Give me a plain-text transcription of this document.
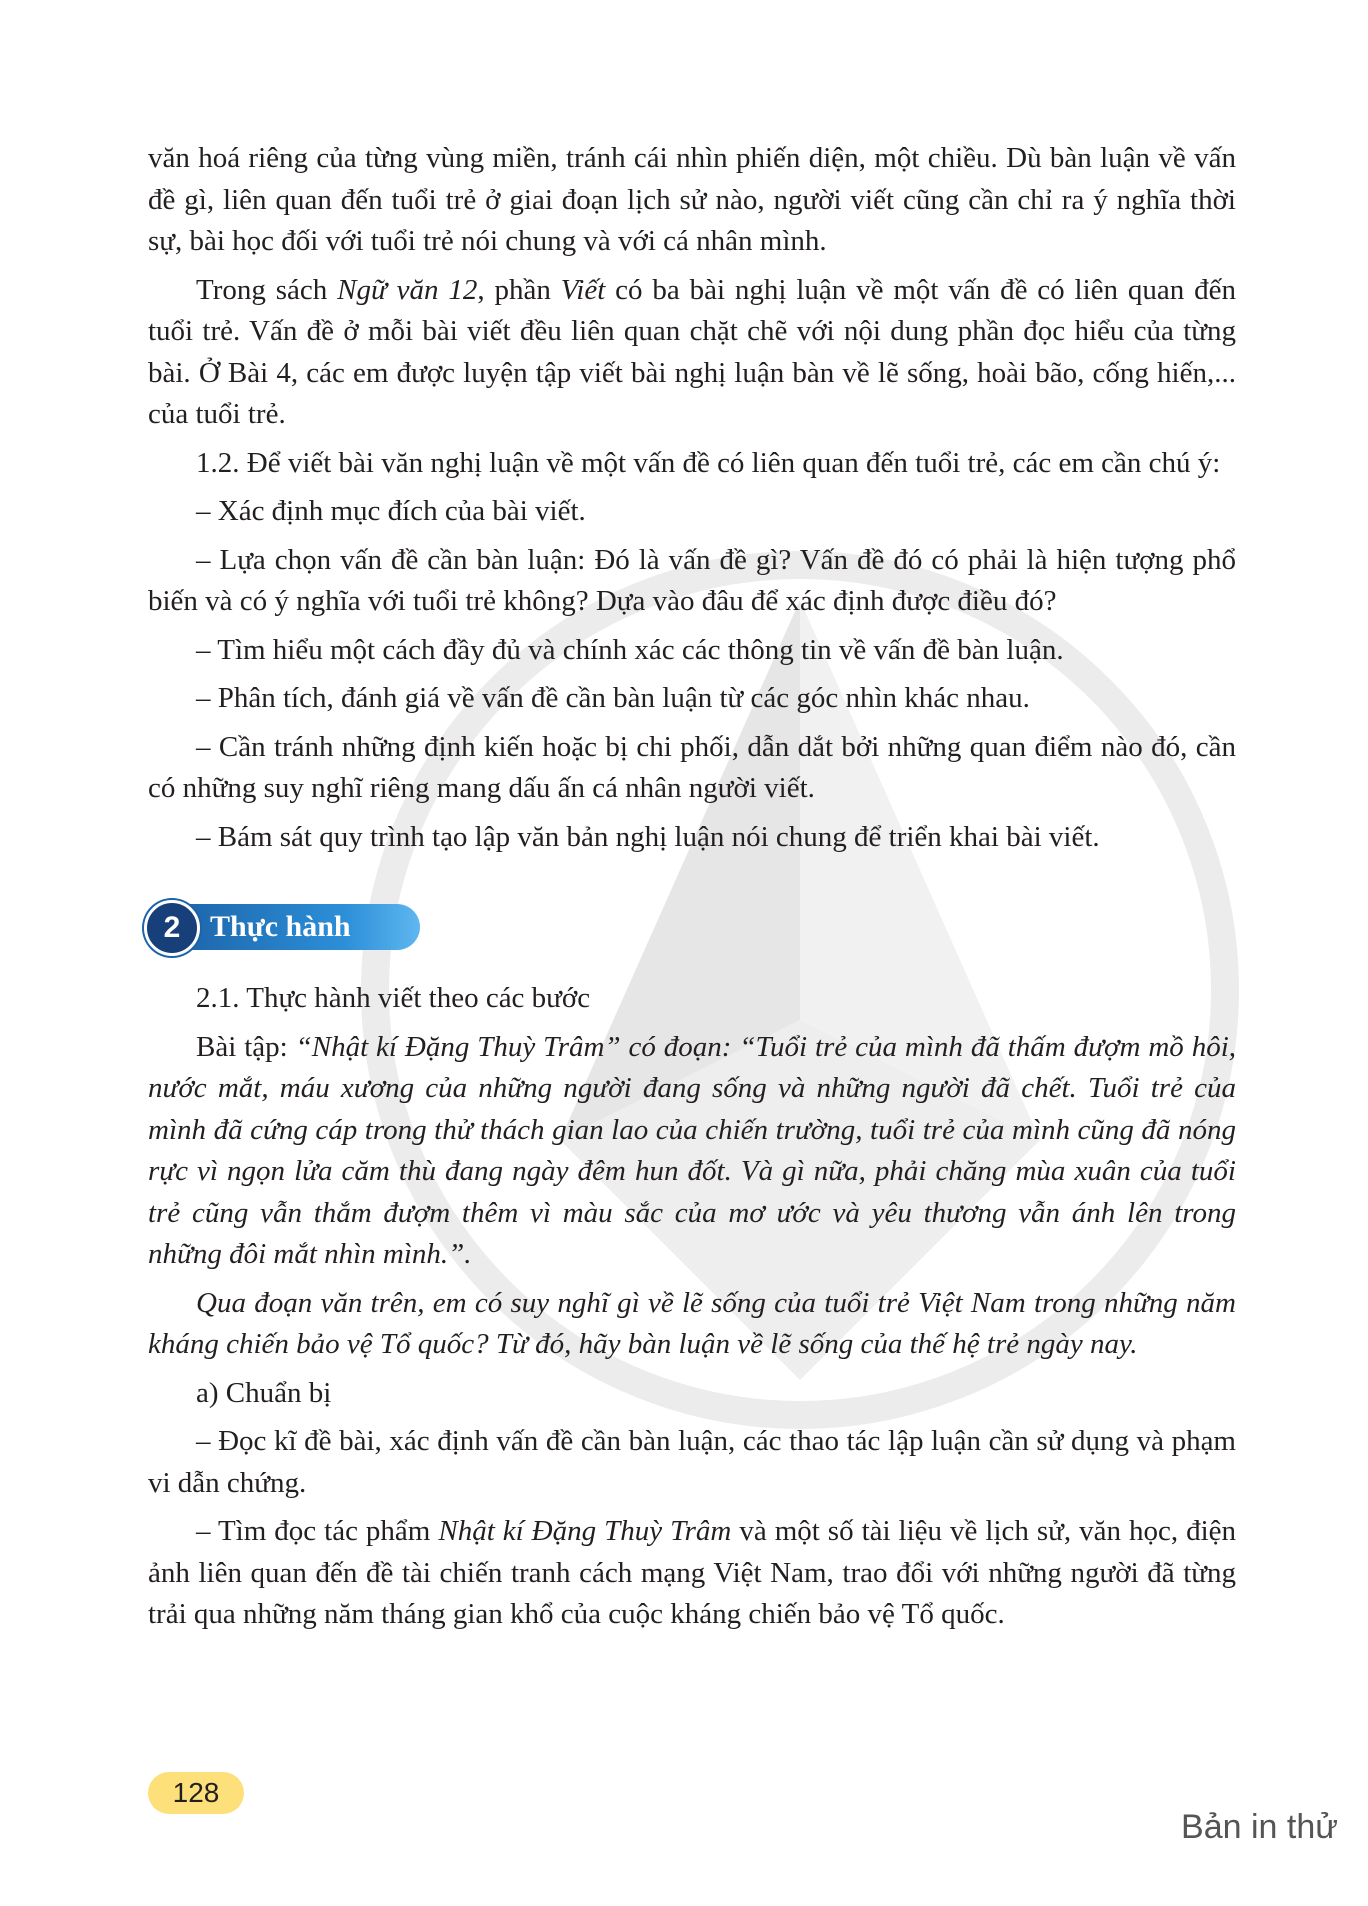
văn hoá riêng của từng vùng miền, tránh cái nhìn phiến diện, một chiều. Dù bàn luận về vấn đề gì, liên quan đến tuổi trẻ ở giai đoạn lịch sử nào, người viết cũng cần chỉ ra ý nghĩa thời sự, bài học đối với tuổi trẻ nói chung và với cá nhân mình.

Trong sách Ngữ văn 12, phần Viết có ba bài nghị luận về một vấn đề có liên quan đến tuổi trẻ. Vấn đề ở mỗi bài viết đều liên quan chặt chẽ với nội dung phần đọc hiểu của từng bài. Ở Bài 4, các em được luyện tập viết bài nghị luận bàn về lẽ sống, hoài bão, cống hiến,... của tuổi trẻ.

1.2. Để viết bài văn nghị luận về một vấn đề có liên quan đến tuổi trẻ, các em cần chú ý:

– Xác định mục đích của bài viết.

– Lựa chọn vấn đề cần bàn luận: Đó là vấn đề gì? Vấn đề đó có phải là hiện tượng phổ biến và có ý nghĩa với tuổi trẻ không? Dựa vào đâu để xác định được điều đó?

– Tìm hiểu một cách đầy đủ và chính xác các thông tin về vấn đề bàn luận.

– Phân tích, đánh giá về vấn đề cần bàn luận từ các góc nhìn khác nhau.

– Cần tránh những định kiến hoặc bị chi phối, dẫn dắt bởi những quan điểm nào đó, cần có những suy nghĩ riêng mang dấu ấn cá nhân người viết.

– Bám sát quy trình tạo lập văn bản nghị luận nói chung để triển khai bài viết.

2 Thực hành

2.1. Thực hành viết theo các bước

Bài tập: “Nhật kí Đặng Thuỳ Trâm” có đoạn: “Tuổi trẻ của mình đã thấm đượm mồ hôi, nước mắt, máu xương của những người đang sống và những người đã chết. Tuổi trẻ của mình đã cứng cáp trong thử thách gian lao của chiến trường, tuổi trẻ của mình cũng đã nóng rực vì ngọn lửa căm thù đang ngày đêm hun đốt. Và gì nữa, phải chăng mùa xuân của tuổi trẻ cũng vẫn thắm đượm thêm vì màu sắc của mơ ước và yêu thương vẫn ánh lên trong những đôi mắt nhìn mình.”.

Qua đoạn văn trên, em có suy nghĩ gì về lẽ sống của tuổi trẻ Việt Nam trong những năm kháng chiến bảo vệ Tổ quốc? Từ đó, hãy bàn luận về lẽ sống của thế hệ trẻ ngày nay.

a) Chuẩn bị

– Đọc kĩ đề bài, xác định vấn đề cần bàn luận, các thao tác lập luận cần sử dụng và phạm vi dẫn chứng.

– Tìm đọc tác phẩm Nhật kí Đặng Thuỳ Trâm và một số tài liệu về lịch sử, văn học, điện ảnh liên quan đến đề tài chiến tranh cách mạng Việt Nam, trao đổi với những người đã từng trải qua những năm tháng gian khổ của cuộc kháng chiến bảo vệ Tổ quốc.

128
Bản in thử
